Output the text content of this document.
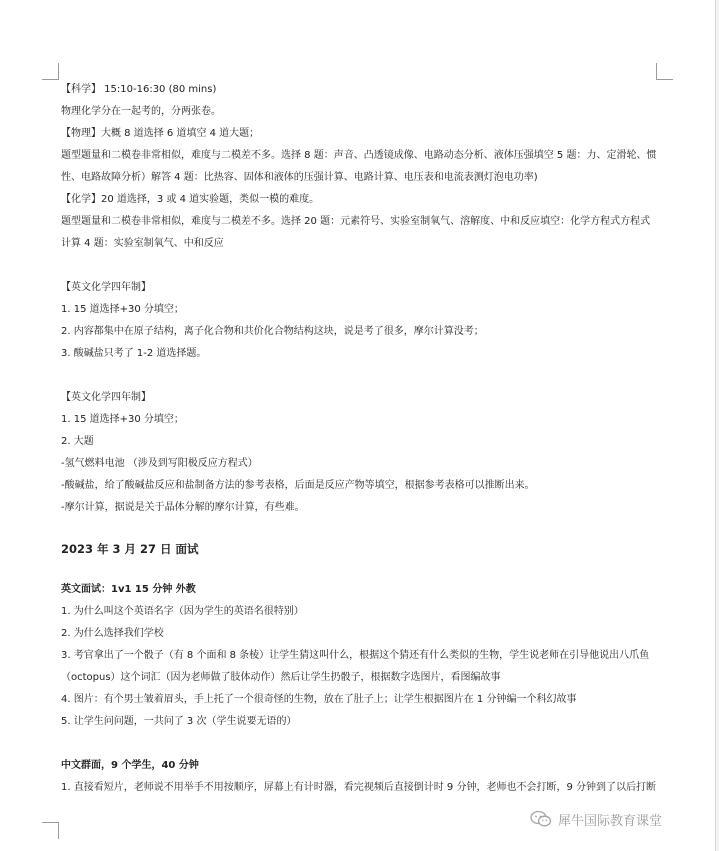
【科学】 15:10-16:30 (80 mins)
物理化学分在一起考的，分两张卷。
【物理】大概 8 道选择 6 道填空 4 道大题；
题型题量和二模卷非常相似，难度与二模差不多。选择 8 题：声音、凸透镜成像、电路动态分析、液体压强填空 5 题：力、定滑轮、惯性、电路故障分析）解答 4 题：比热容、固体和液体的压强计算、电路计算、电压表和电流表测灯泡电功率)
【化学】20 道选择，3 或 4 道实验题，类似一模的难度。
题型题量和二模卷非常相似，难度与二模差不多。选择 20 题：元素符号、实验室制氧气、溶解度、中和反应填空：化学方程式方程式计算 4 题：实验室制氧气、中和反应
【英文化学四年制】
1. 15 道选择+30 分填空；
2. 内容都集中在原子结构，离子化合物和共价化合物结构这块，说是考了很多，摩尔计算没考；
3. 酸碱盐只考了 1-2 道选择题。
【英文化学四年制】
1. 15 道选择+30 分填空；
2. 大题
-氢气燃料电池 （涉及到写阳极反应方程式）
-酸碱盐，给了酸碱盐反应和盐制备方法的参考表格，后面是反应产物等填空，根据参考表格可以推断出来。
-摩尔计算，据说是关于晶体分解的摩尔计算，有些难。
2023 年 3 月 27 日 面试
英文面试：1v1 15 分钟 外教
1. 为什么叫这个英语名字（因为学生的英语名很特别）
2. 为什么选择我们学校
3. 考官拿出了一个骰子（有 8 个面和 8 条棱）让学生猜这叫什么，根据这个猜还有什么类似的生物，学生说老师在引导他说出八爪鱼（octopus）这个词汇（因为老师做了肢体动作）然后让学生扔骰子，根据数字选图片，看图编故事
4. 图片：有个男士皱着眉头，手上托了一个很奇怪的生物，放在了肚子上；让学生根据图片在 1 分钟编一个科幻故事
5. 让学生问问题，一共问了 3 次（学生说要无语的）
中文群面，9 个学生，40 分钟
1. 直接看短片，老师说不用举手不用按顺序，屏幕上有计时器，看完视频后直接倒计时 9 分钟，老师也不会打断，9 分钟到了以后打断
犀牛国际教育课堂
